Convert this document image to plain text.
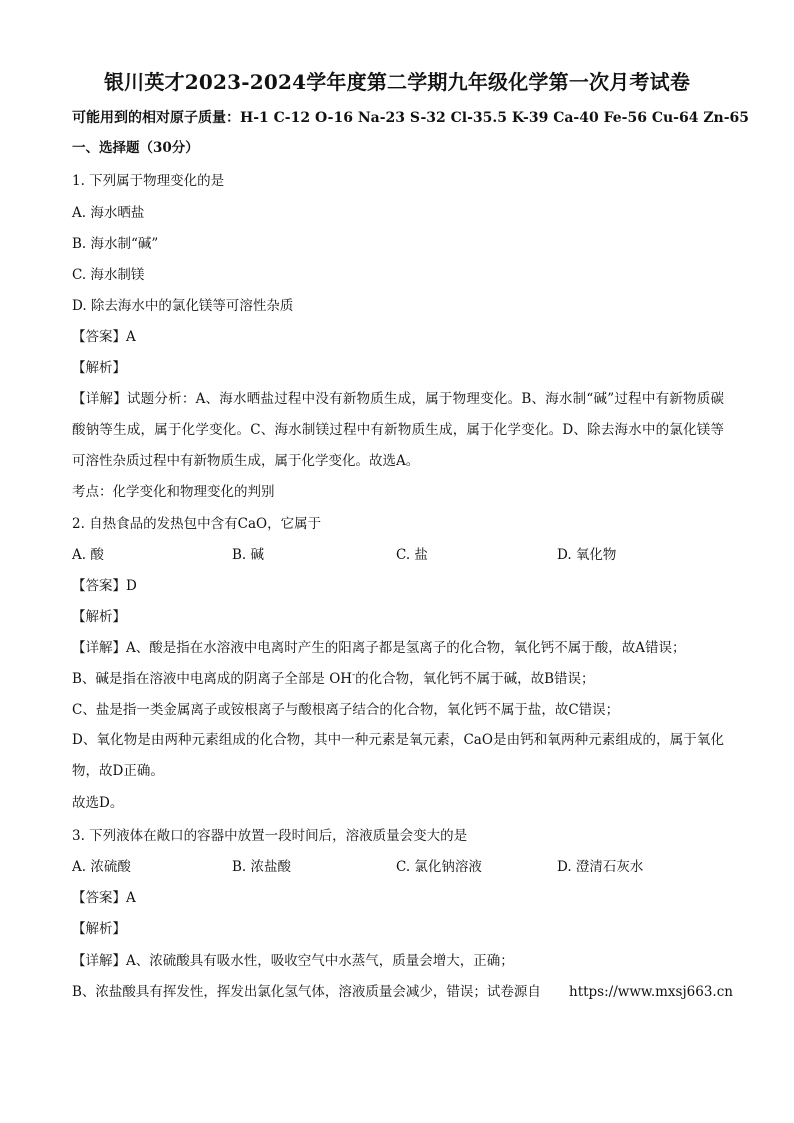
银川英才2023-2024学年度第二学期九年级化学第一次月考试卷
可能用到的相对原子质量：H-1 C-12 O-16 Na-23 S-32 Cl-35.5 K-39 Ca-40 Fe-56 Cu-64 Zn-65
一、选择题（30分）
1. 下列属于物理变化的是
A. 海水晒盐
B. 海水制“碱”
C. 海水制镁
D. 除去海水中的氯化镁等可溶性杂质
【答案】A
【解析】
【详解】试题分析：A、海水晒盐过程中没有新物质生成，属于物理变化。B、海水制“碱”过程中有新物质碳酸钠等生成，属于化学变化。C、海水制镁过程中有新物质生成，属于化学变化。D、除去海水中的氯化镁等可溶性杂质过程中有新物质生成，属于化学变化。故选A。
考点：化学变化和物理变化的判别
2. 自热食品的发热包中含有CaO，它属于
A. 酸	B. 碱	C. 盐	D. 氧化物
【答案】D
【解析】
【详解】A、酸是指在水溶液中电离时产生的阳离子都是氢离子的化合物，氧化钙不属于酸，故A错误；
B、碱是指在溶液中电离成的阴离子全部是 OH-的化合物，氧化钙不属于碱，故B错误；
C、盐是指一类金属离子或铵根离子与酸根离子结合的化合物，氧化钙不属于盐，故C错误；
D、氧化物是由两种元素组成的化合物，其中一种元素是氧元素，CaO是由钙和氧两种元素组成的，属于氧化物，故D正确。
故选D。
3. 下列液体在敞口的容器中放置一段时间后，溶液质量会变大的是
A. 浓硫酸	B. 浓盐酸	C. 氯化钠溶液	D. 澄清石灰水
【答案】A
【解析】
【详解】A、浓硫酸具有吸水性，吸收空气中水蒸气，质量会增大，正确；
B、浓盐酸具有挥发性，挥发出氯化氢气体，溶液质量会减少，错误；试卷源自	https://www.mxsj663.cn
